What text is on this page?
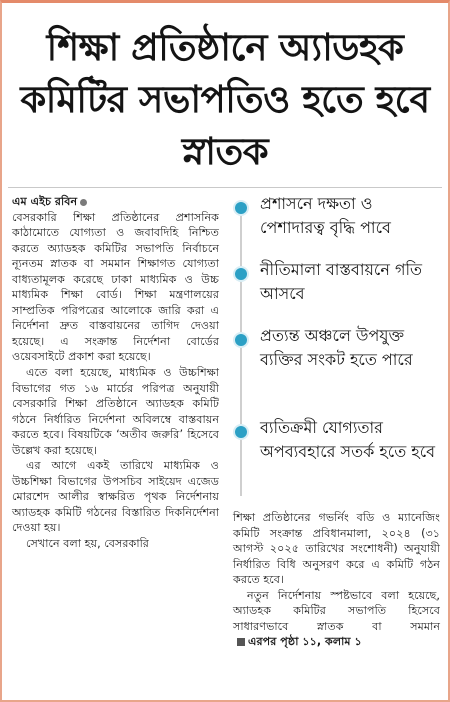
শিক্ষা প্রতিষ্ঠানে অ্যাডহক কমিটির সভাপতিও হতে হবে স্নাতক
এম এইচ রবিন

বেসরকারি শিক্ষা প্রতিষ্ঠানের প্রশাসনিক কাঠামোতে যোগ্যতা ও জবাবদিহি নিশ্চিত করতে অ্যাডহক কমিটির সভাপতি নির্বাচনে ন্যূনতম স্নাতক বা সমমান শিক্ষাগত যোগ্যতা বাধ্যতামূলক করেছে ঢাকা মাধ্যমিক ও উচ্চ মাধ্যমিক শিক্ষা বোর্ড। শিক্ষা মন্ত্রণালয়ের সাম্প্রতিক পরিপত্রের আলোকে জারি করা এ নির্দেশনা দ্রুত বাস্তবায়নের তাগিদ দেওয়া হয়েছে। এ সংক্রান্ত নির্দেশনা বোর্ডের ওয়েবসাইটে প্রকাশ করা হয়েছে।

এতে বলা হয়েছে, মাধ্যমিক ও উচ্চশিক্ষা বিভাগের গত ১৬ মার্চের পরিপত্র অনুযায়ী বেসরকারি শিক্ষা প্রতিষ্ঠানে অ্যাডহক কমিটি গঠনে নির্ধারিত নির্দেশনা অবিলম্বে বাস্তবায়ন করতে হবে। বিষয়টিকে ‘অতীব জরুরি’ হিসেবে উল্লেখ করা হয়েছে।

এর আগে একই তারিখে মাধ্যমিক ও উচ্চশিক্ষা বিভাগের উপসচিব সাইয়েদ এজেড মোরশেদ আলীর স্বাক্ষরিত পৃথক নির্দেশনায় অ্যাডহক কমিটি গঠনের বিস্তারিত দিকনির্দেশনা দেওয়া হয়।

সেখানে বলা হয়, বেসরকারি

প্রশাসনে দক্ষতা ও পেশাদারত্ব বৃদ্ধি পাবে
নীতিমালা বাস্তবায়নে গতি আসবে
প্রত্যন্ত অঞ্চলে উপযুক্ত ব্যক্তির সংকট হতে পারে
ব্যতিক্রমী যোগ্যতার অপব্যবহারে সতর্ক হতে হবে

শিক্ষা প্রতিষ্ঠানের গভর্নিং বডি ও ম্যানেজিং কমিটি সংক্রান্ত প্রবিধানমালা, ২০২৪ (৩১ আগস্ট ২০২৫ তারিখের সংশোধনী) অনুযায়ী নির্ধারিত বিধি অনুসরণ করে এ কমিটি গঠন করতে হবে।

নতুন নির্দেশনায় স্পষ্টভাবে বলা হয়েছে, অ্যাডহক কমিটির সভাপতি হিসেবে সাধারণভাবে স্নাতক বা সমমানএরপর পৃষ্ঠা ১১, কলাম ১
